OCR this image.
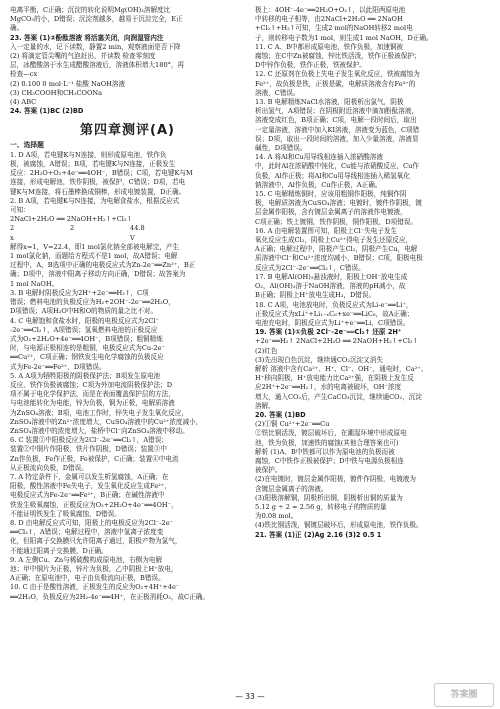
电离平衡，C正确；沉淀的转化说明Mg(OH)₂溶解度比
MgCO₃的小，D错误；沉淀剂越多，越易于沉淀完全，E正
确。
23. 答案 (1)②酚酞溶液 将活塞关闭，向润湿管内注
入一定量的水，记下读数，静置2 min，观察液面是否下降
(2) 将滴定管尖嘴的气泡赶出，并读数 检查零刻度
层，冰醋酸溶于水生成醋酸溶液后，溶液体积增大180°，再
检查—cx
(2) 0.100 0 mol·L⁻¹ 盐酸 NaOH溶液
(3) CH₃COOH和CH₃COONa
(4) ABC
24. 答案 (1)BC (2)BD
第四章测评(A)
一、选择题
1. D A项，若电键K与N连接，则形成原电池，铁作负
极，被腐蚀，A错误；B项，若电键K与N连接，正极发生
反应：2H₂O+O₂+4e⁻══4OH⁻，B错误；C项，若电键K与M
连接，形成电解池，铁作阴极，被保护，C错误；D项，若电
键K与M连接，将石墨棒换成铜棒，形成电镀装置，D正确。
2. B A项，若电键K与N连接，为电解食盐水，根据反应式
可知：
2NaCl+2H₂O ══ 2NaOH+H₂↑+Cl₂↑
2	2	44.8
x	V
解得x=1，V=22.4，即1 mol氯化钠全部被电解完，产生
1 mol氯化钠，而题给方程式不是1 mol，故A错误；电解
过程中，A，B选项中正确的电极反应式为Zn-2e⁻══Zn²⁺，B正
确；D项中，溶液中阳离子移动方向正确，D错误；故答案为
1 mol NaOH。
3. B 电解时阴极反应为2H⁺+2e⁻══H₂↑，C项
错误；燃料电池的负极反应为H₂+2OH⁻-2e⁻══2H₂O，
D项错误；A项H₂O中H和O的物质的量之比不对。
4. C 电解饱和食盐水时，阳极的电极反应式为2Cl⁻
-2e⁻══Cl₂↑，A项错误；氢氧燃料电池的正极反应
式为O₂+2H₂O+4e⁻══4OH⁻，B项错误；粗铜精炼
时，与电源正极相连的是粗铜，电极反应式为Cu-2e⁻
══Cu²⁺，C项正确；钢铁发生电化学腐蚀的负极反应
式为Fe-2e⁻══Fe²⁺，D项错误。
5. A A项为牺牲阳极的阴极保护法；B项发生原电池
反应，铁作负极被腐蚀；C项为外加电流阴极保护法；D
项不属于电化学保护法，而是在表面覆盖保护层的方法，
与电池能转化为电能，锌为负极，铜为正极，电解质溶液
为ZnSO₄溶液；B项，电池工作时，锌失电子发生氧化反应，
ZnSO₄溶液中的Zn²⁺浓度增大，CuSO₄溶液中的Cu²⁺浓度减小，
ZnSO₄溶液中的浓度增大，盐桥中Cl⁻向ZnSO₄溶液中移动。
6. C 装置①中阳极反应为2Cl⁻-2e⁻══Cl₂↑，A错误；
装置②中铜片作阳极，铁片作阴极，D错误；装置③中
Zn作负极，Fe作正极，Fe被保护，C正确；装置④中电流
从正极流向负极，D错误。
7. A 特定条件下，金属可以发生析氢腐蚀，A正确；在
阳极，酸性溶液中Fe失电子，发生氧化反应生成Fe²⁺，
电极反应式为Fe-2e⁻══Fe²⁺，B正确；在碱性溶液中
铁发生吸氧腐蚀，正极反应为O₂+2H₂O+4e⁻══4OH⁻，
不能证明铁发生了吸氧腐蚀，D错误。
8. D 由电解反应式可知，阳极上的电极反应为2Cl⁻-2e⁻
══Cl₂↑，A错误；电解过程中，溶液中氢离子浓度变
化，但阳离子交换膜只允许阳离子通过，阳极产物为氯气，
不能通过阳离子交换膜，D正确。
9. A 左侧Cu、Zn与稀硫酸构成原电池，右侧为电解
池；甲中铜片为正极，锌片为负极，乙中阴极上H⁺放电，
A正确；在原电池中，电子由负极流向正极，B错误。
10. C 由于是酸性溶液，正极发生的反应为O₂+4H⁺+4e⁻
══2H₂O，负极反应为2H₂-4e⁻══4H⁺，在正极消耗O₂，故C正确。
极上：4OH⁻-4e⁻══2H₂O+O₂↑，以此阳两原电池
中转移的电子相等，由2NaCl+2H₂O ══ 2NaOH
+Cl₂↑+H₂↑可知，生成2 mol的NaOH转移2 mol电
子，则转移电子数为1 mol，则生成1 mol NaOH，D正确。
11. C A、B中都形成原电池，铁作负极，加速铜被
腐蚀；在C中Zn被腐蚀，锌比铁活泼，铁作正极被保护；
D中锌作负极，铁作正极，铁被保护。
12. C 还原剂在负极上失电子发生氧化反应，铁被腐蚀为
Fe²⁺，故负极是铁，正极是碳，电解质溶液含有Fe³⁺的
溶液，C错误。
13. B 电解精炼NaCl水溶液，阳极析出氯气，阴极
析出氢气，A项错误；在阴极附近溶液中滴加酚酞溶液，
溶液变成红色，B项正确；C项，电解一段时间后，取出
一定量溶液，溶液中加入KI溶液，溶液变为蓝色，C项错
误；D项，取出一段时间的溶液，加入少量溶液，溶液显
碱性，D项错误。
14. A 将Al和Cu用导线相连插入浓硝酸溶液
中，此时Al在浓硝酸中钝化，Cu能与浓硝酸反应，Cu作
负极，Al作正极；将Al和Cu用导线相连插入稀氢氧化
钠溶液中，Al作负极，Cu作正极，A正确。
15. C 电解精炼铜时，应该用粗铜作阳极，纯铜作阴
极，电解质溶液为CuSO₄溶液；电镀时，镀件作阴极，镀
层金属作阳极，含有镀层金属离子的溶液作电镀液，
C项正确；铁上镀铜，铁作阴极，铜作阳极，D项错误。
16. A 由电解装置图可知，阳极上Cl⁻失电子发生
氧化反应生成Cl₂，阴极上Cu²⁺得电子发生还原反应，
A正确；电解过程中，阳极产生Cl₂，阴极产生Cu，电解
质溶液中Cl⁻和Cu²⁺浓度均减小，B错误；C项，阳极电极
反应式为2Cl⁻-2e⁻══Cl₂↑，C错误。
17. B 电解Al(OH)₃悬浊液时，阳极上OH⁻放电生成
O₂，Al(OH)₃溶于NaOH溶液，溶液的pH减小，故
B正确；阴极上H⁺放电生成H₂，D错误。
18. C A项，电池放电时，负极反应式为Li-e⁻══Li⁺，
正极反应式为xLi⁺+Li₁₋ₓC₆+xe⁻══LiC₆，故A正确；
电池充电时，阴极反应式为Li⁺+e⁻══Li，C项错误。
19. 答案 (1)①负极 2Cl⁻-2e⁻══Cl₂↑ 还原 2H⁺
+2e⁻══H₂↑ 2NaCl+2H₂O ══ 2NaOH+H₂↑+Cl₂↑
(2)红色
(3)先出现白色沉淀，继续通CO₂沉淀又消失
解析 溶液中含有Ca²⁺、H⁺、Cl⁻、OH⁻，通电时，Ca²⁺、
H⁺移向阴极，H⁺放电能力比Ca²⁺强，在阴极上发生反
应2H⁺+2e⁻══H₂↑，水的电离被破坏，OH⁻浓度
增大，通入CO₂后，产生CaCO₃沉淀，继续通CO₂，沉淀
溶解。
20. 答案 (1)BD
(2)①铜 Cu²⁺+2e⁻══Cu
②铁比铜活泼，镀层破坏后，在潮湿环境中形成原电
池，铁为负极，加速铁的腐蚀(其他合理答案也可)
解析 (1)A、B中铁都可以作为原电池的负极而被
腐蚀，C中铁作正极被保护；D中铁与电源负极相连
被保护。
(2)在电镀时，镀层金属作阳极，镀件作阴极，电镀液为
含镀层金属离子的溶液。
(3)阳极溶解铜，阴极析出铜，阴极析出铜的质量为
5.12 g ÷ 2 = 2.56 g，转移电子的物质的量
为0.08 mol。
(4)铁比铜活泼，铜镀层破坏后，形成原电池，铁作负极。
21. 答案 (1)正 (2)Ag 2.16 (3)2 0.5 1
— 33 —	答案圈
